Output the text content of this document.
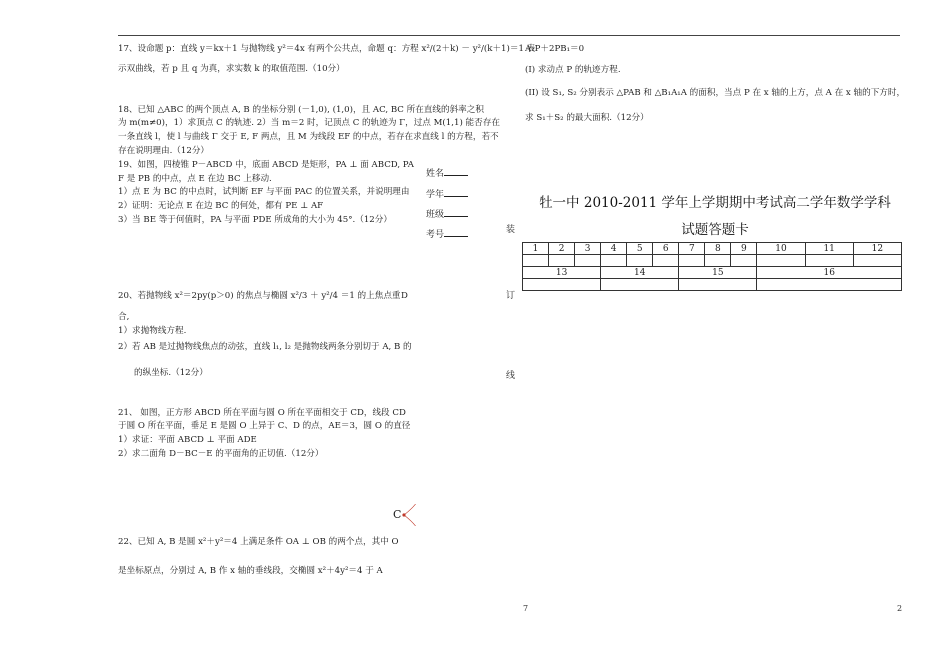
17、设命题 p：直线 y＝kx＋1 与抛物线 y²＝4x 有两个公共点，命题 q：方程 x²/(2＋k) － y²/(k＋1)＝1 表
示双曲线，若 p 且 q 为真，求实数 k 的取值范围.（10分）
18、已知 △ABC 的两个顶点 A, B 的坐标分别 (－1,0), (1,0)，且 AC, BC 所在直线的斜率之积
为 m(m≠0)，1）求顶点 C 的轨迹. 2）当 m＝2 时，记顶点 C 的轨迹为 Γ，过点 M(1,1) 能否存在
一条直线 l，使 l 与曲线 Γ 交于 E, F 两点，且 M 为线段 EF 的中点，若存在求直线 l 的方程，若不
存在说明理由.（12分）
19、如图，四棱锥 P－ABCD 中，底面 ABCD 是矩形，PA ⊥ 面 ABCD, PA
F 是 PB 的中点，点 E 在边 BC 上移动.
1）点 E 为 BC 的中点时，试判断 EF 与平面 PAC 的位置关系，并说明理由
2）证明：无论点 E 在边 BC 的何处，都有 PE ⊥ AF
3）当 BE 等于何值时，PA 与平面 PDE 所成角的大小为 45°.（12分）
姓名
学年
班级
考号
20、若抛物线 x²＝2py(p＞0) 的焦点与椭圆 x²/3 ＋ y²/4 ＝1 的上焦点重 D
合,
1）求抛物线方程.
2）若 AB 是过抛物线焦点的动弦，直线 l₁, l₂ 是抛物线两条分别切于 A, B 的
的纵坐标.（12分）
21、 如图，正方形 ABCD 所在平面与圆 O 所在平面相交于 CD，线段 CD
于圆 O 所在平面，垂足 E 是圆 O 上异于 C、D 的点，AE＝3，圆 O 的直径
1）求证：平面 ABCD ⊥ 平面 ADE
2）求二面角 D－BC－E 的平面角的正切值.（12分）
C
22、已知 A, B 是圆 x²＋y²＝4 上满足条件 OA ⊥ OB 的两个点，其中 O
是坐标原点，分别过 A, B 作 x 轴的垂线段，交椭圆 x²＋4y²＝4 于 A
7
装
订
线
A₁P＋2PB₁＝0
(I) 求动点 P 的轨迹方程.
(II) 设 S₁, S₂ 分别表示 △PAB 和 △B₁A₁A 的面积，当点 P 在 x 轴的上方，点 A 在 x 轴的下方时，
求 S₁＋S₂ 的最大面积.（12分）
牡一中 2010-2011 学年上学期期中考试高二学年数学学科
试题答题卡
1	2	3	4	5	6	7	8	9	10	11	12

13			14			15			16		

2
